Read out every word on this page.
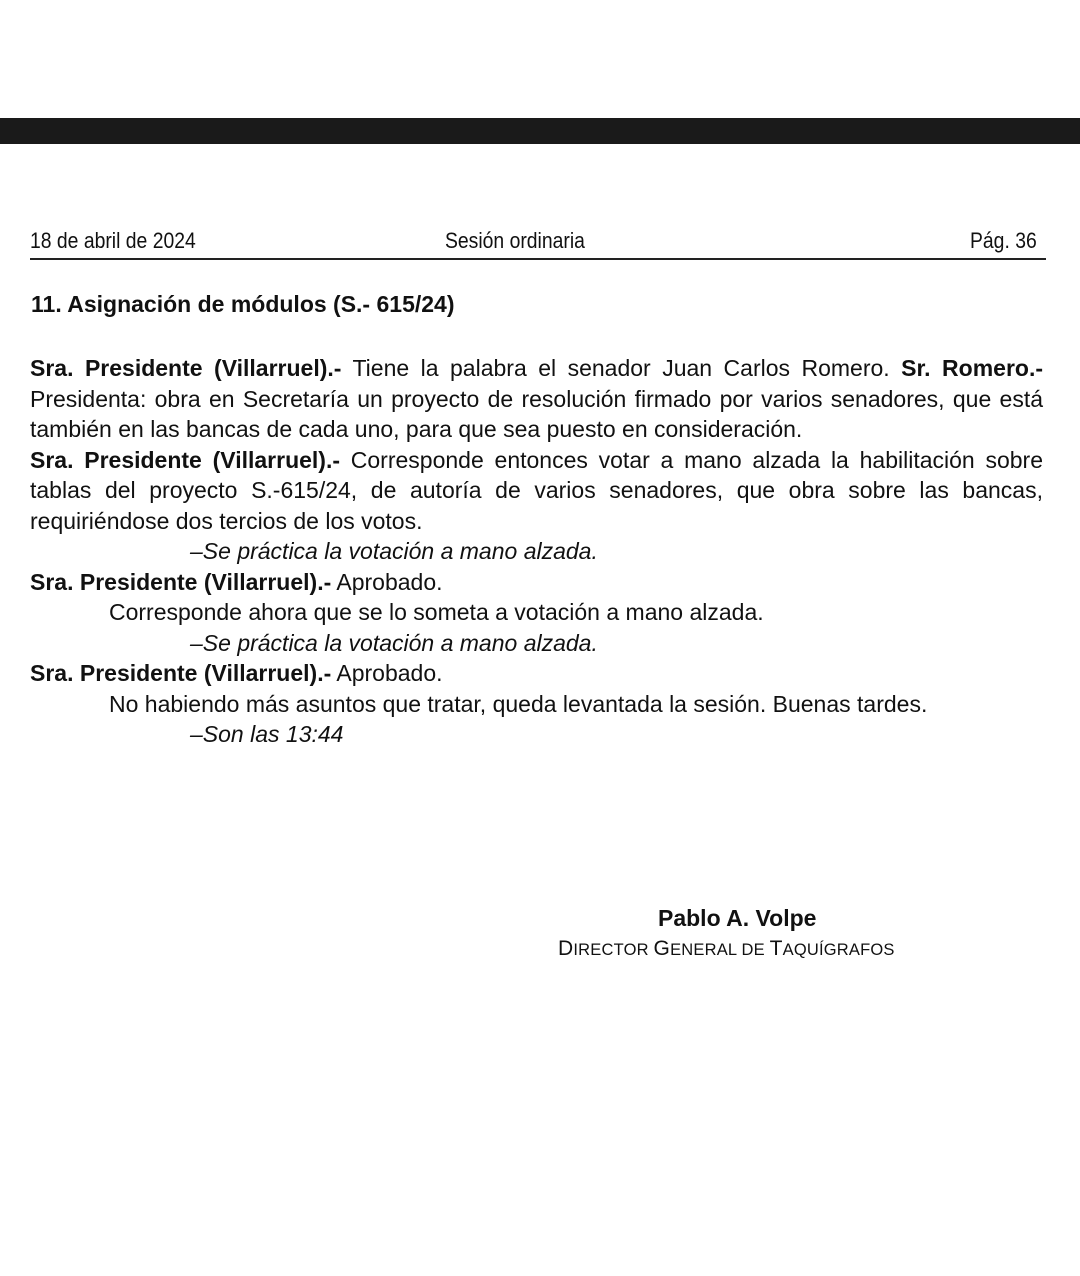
18 de abril de 2024	Sesión ordinaria	Pág. 36
11. Asignación de módulos (S.- 615/24)

Sra. Presidente (Villarruel).- Tiene la palabra el senador Juan Carlos Romero. Sr. Romero.- Presidenta: obra en Secretaría un proyecto de resolución firmado por varios senadores, que está también en las bancas de cada uno, para que sea puesto en consideración.

Sra. Presidente (Villarruel).- Corresponde entonces votar a mano alzada la habilitación sobre tablas del proyecto S.-615/24, de autoría de varios senadores, que obra sobre las bancas, requiriéndose dos tercios de los votos.

–Se práctica la votación a mano alzada.

Sra. Presidente (Villarruel).- Aprobado.

Corresponde ahora que se lo someta a votación a mano alzada.

–Se práctica la votación a mano alzada.

Sra. Presidente (Villarruel).- Aprobado.

No habiendo más asuntos que tratar, queda levantada la sesión. Buenas tardes.

–Son las 13:44

Pablo A. Volpe
DIRECTOR GENERAL DE TAQUÍGRAFOS
